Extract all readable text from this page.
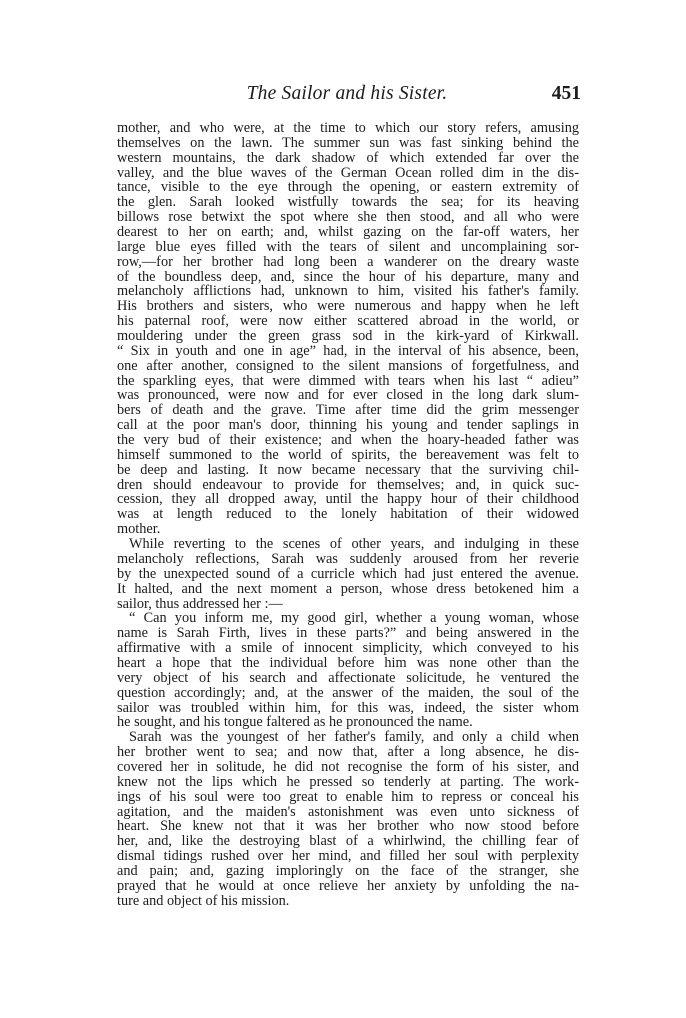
The Sailor and his Sister.	451
mother, and who were, at the time to which our story refers, amusing
themselves on the lawn. The summer sun was fast sinking behind the
western mountains, the dark shadow of which extended far over the
valley, and the blue waves of the German Ocean rolled dim in the dis-
tance, visible to the eye through the opening, or eastern extremity of
the glen. Sarah looked wistfully towards the sea; for its heaving
billows rose betwixt the spot where she then stood, and all who were
dearest to her on earth; and, whilst gazing on the far-off waters, her
large blue eyes filled with the tears of silent and uncomplaining sor-
row,—for her brother had long been a wanderer on the dreary waste
of the boundless deep, and, since the hour of his departure, many and
melancholy afflictions had, unknown to him, visited his father's family.
His brothers and sisters, who were numerous and happy when he left
his paternal roof, were now either scattered abroad in the world, or
mouldering under the green grass sod in the kirk-yard of Kirkwall.
“ Six in youth and one in age” had, in the interval of his absence, been,
one after another, consigned to the silent mansions of forgetfulness, and
the sparkling eyes, that were dimmed with tears when his last “ adieu”
was pronounced, were now and for ever closed in the long dark slum-
bers of death and the grave. Time after time did the grim messenger
call at the poor man's door, thinning his young and tender saplings in
the very bud of their existence; and when the hoary-headed father was
himself summoned to the world of spirits, the bereavement was felt to
be deep and lasting. It now became necessary that the surviving chil-
dren should endeavour to provide for themselves; and, in quick suc-
cession, they all dropped away, until the happy hour of their childhood
was at length reduced to the lonely habitation of their widowed
mother.
While reverting to the scenes of other years, and indulging in these
melancholy reflections, Sarah was suddenly aroused from her reverie
by the unexpected sound of a curricle which had just entered the avenue.
It halted, and the next moment a person, whose dress betokened him a
sailor, thus addressed her :—
“ Can you inform me, my good girl, whether a young woman, whose
name is Sarah Firth, lives in these parts?” and being answered in the
affirmative with a smile of innocent simplicity, which conveyed to his
heart a hope that the individual before him was none other than the
very object of his search and affectionate solicitude, he ventured the
question accordingly; and, at the answer of the maiden, the soul of the
sailor was troubled within him, for this was, indeed, the sister whom
he sought, and his tongue faltered as he pronounced the name.
Sarah was the youngest of her father's family, and only a child when
her brother went to sea; and now that, after a long absence, he dis-
covered her in solitude, he did not recognise the form of his sister, and
knew not the lips which he pressed so tenderly at parting. The work-
ings of his soul were too great to enable him to repress or conceal his
agitation, and the maiden's astonishment was even unto sickness of
heart. She knew not that it was her brother who now stood before
her, and, like the destroying blast of a whirlwind, the chilling fear of
dismal tidings rushed over her mind, and filled her soul with perplexity
and pain; and, gazing imploringly on the face of the stranger, she
prayed that he would at once relieve her anxiety by unfolding the na-
ture and object of his mission.
